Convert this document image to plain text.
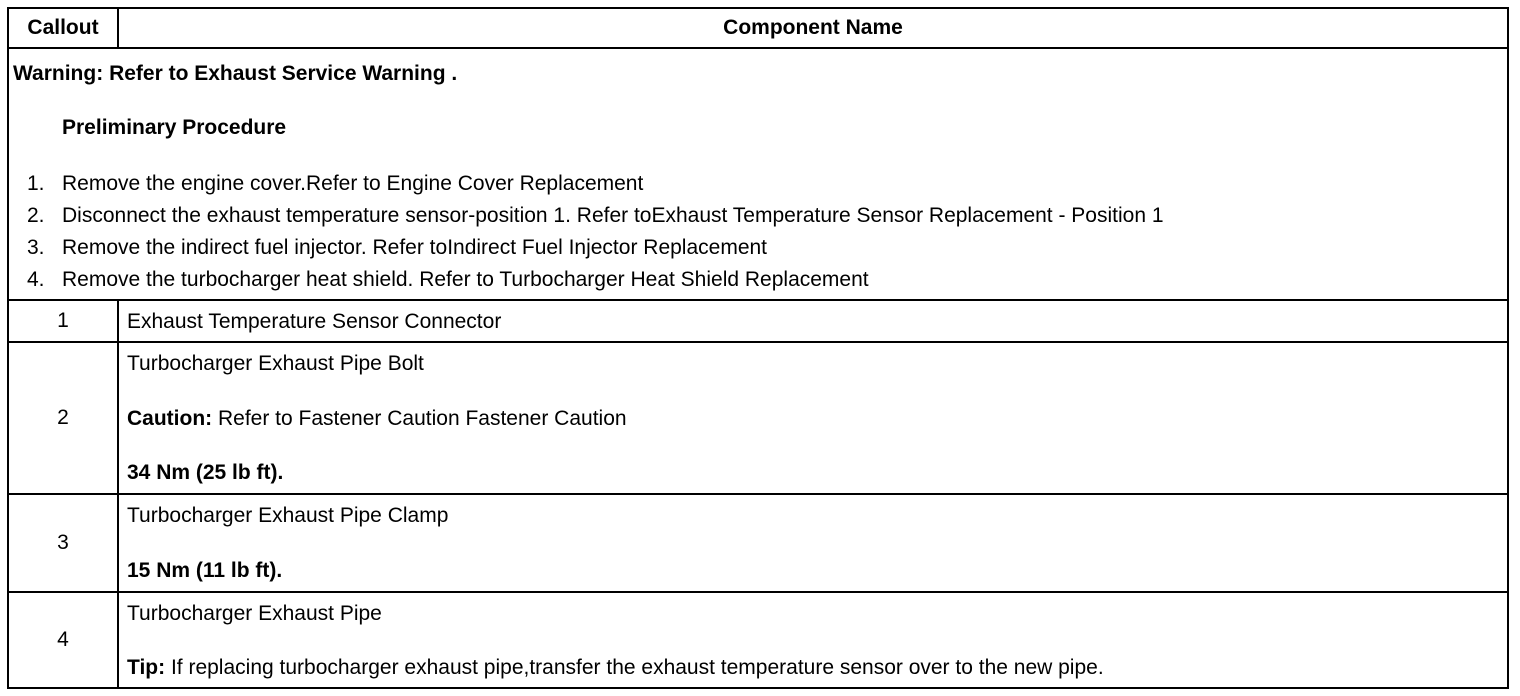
Callout	Component Name
Warning: Refer to Exhaust Service Warning .
Preliminary Procedure
1. Remove the engine cover.Refer to Engine Cover Replacement
2. Disconnect the exhaust temperature sensor-position 1. Refer toExhaust Temperature Sensor Replacement - Position 1
3. Remove the indirect fuel injector. Refer toIndirect Fuel Injector Replacement
4. Remove the turbocharger heat shield. Refer to Turbocharger Heat Shield Replacement
1	Exhaust Temperature Sensor Connector
2
Turbocharger Exhaust Pipe Bolt
Caution: Refer to Fastener Caution Fastener Caution
34 Nm (25 lb ft).
3
Turbocharger Exhaust Pipe Clamp
15 Nm (11 lb ft).
4
Turbocharger Exhaust Pipe
Tip: If replacing turbocharger exhaust pipe,transfer the exhaust temperature sensor over to the new pipe.
